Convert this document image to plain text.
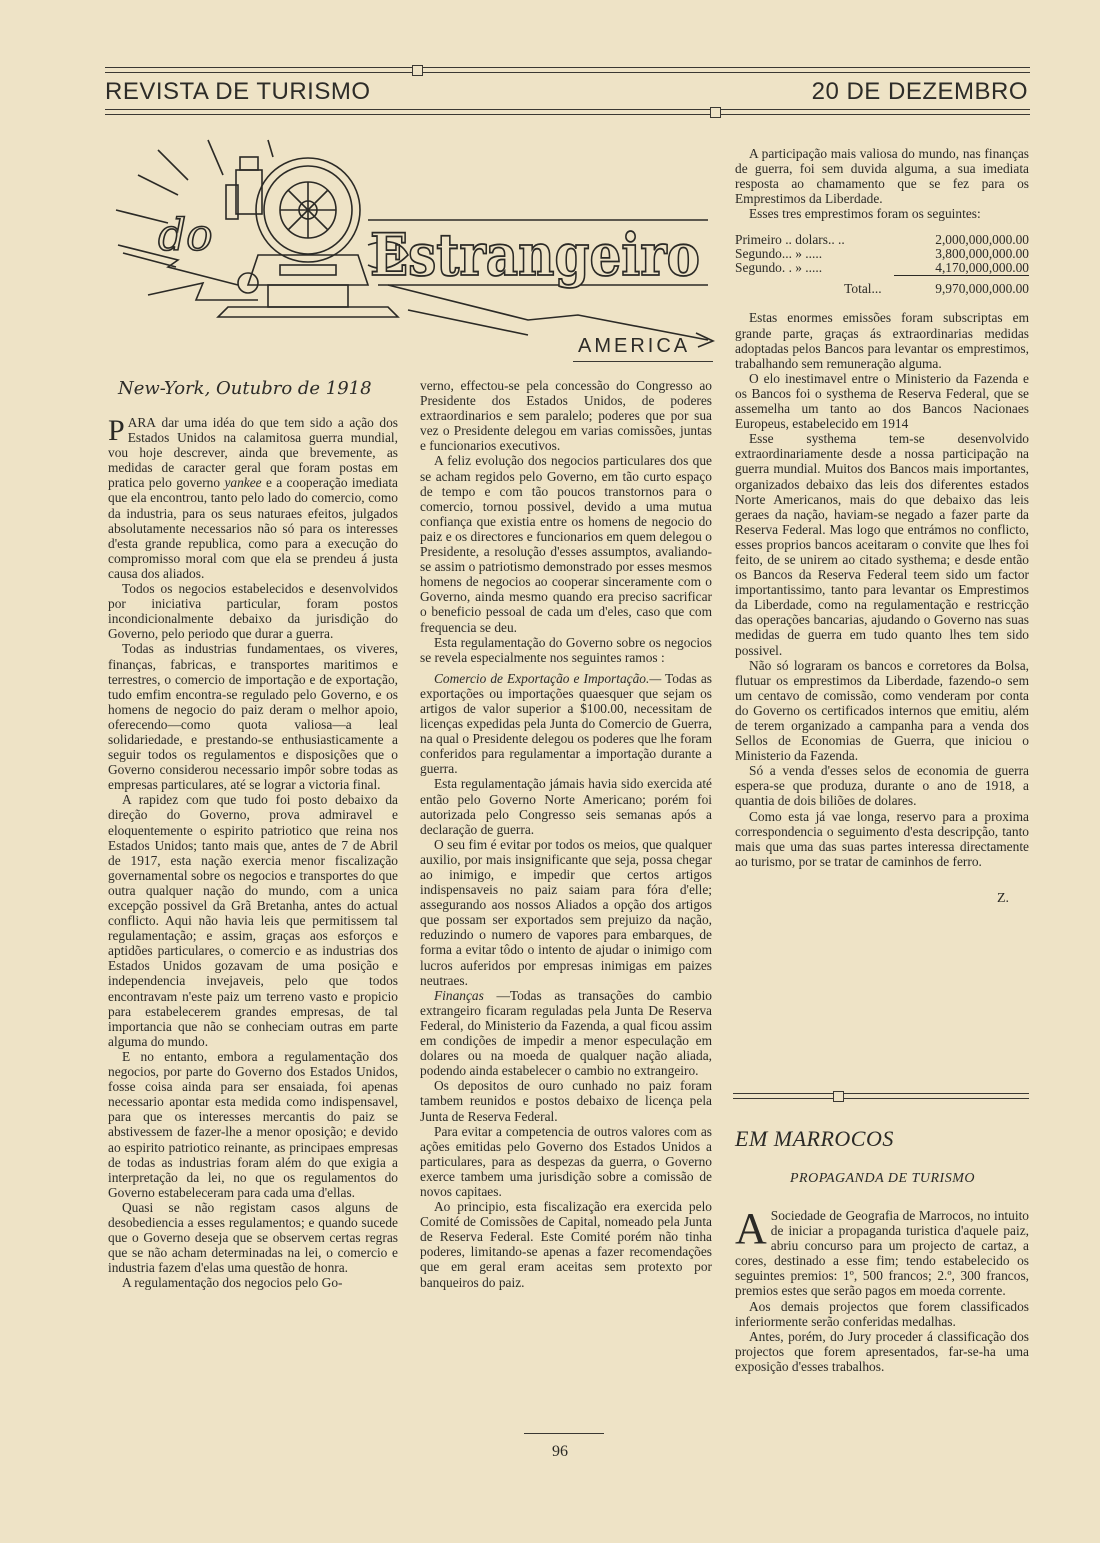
REVISTA DE TURISMO	20 DE DEZEMBRO
do	Estrangeiro
AMERICA
New-York, Outubro de 1918

PARA dar uma idéa do que tem sido a ação dos Estados Unidos na calamitosa guerra mundial, vou hoje descrever, ainda que brevemente, as medidas de caracter geral que foram postas em pratica pelo governo yankee e a cooperação imediata que ela encontrou, tanto pelo lado do comercio, como da industria, para os seus naturaes efeitos, julgados absolutamente necessarios não só para os interesses d'esta grande republica, como para a execução do compromisso moral com que ela se prendeu á justa causa dos aliados.

Todos os negocios estabelecidos e desenvolvidos por iniciativa particular, foram postos incondicionalmente debaixo da jurisdição do Governo, pelo periodo que durar a guerra.

Todas as industrias fundamentaes, os viveres, finanças, fabricas, e transportes maritimos e terrestres, o comercio de importação e de exportação, tudo emfim encontra-se regulado pelo Governo, e os homens de negocio do paiz deram o melhor apoio, oferecendo—como quota valiosa—a leal solidariedade, e prestando-se enthusiasticamente a seguir todos os regulamentos e disposições que o Governo considerou necessario impôr sobre todas as empresas particulares, até se lograr a victoria final.

A rapidez com que tudo foi posto debaixo da direção do Governo, prova admiravel e eloquentemente o espirito patriotico que reina nos Estados Unidos; tanto mais que, antes de 7 de Abril de 1917, esta nação exercia menor fiscalização governamental sobre os negocios e transportes do que outra qualquer nação do mundo, com a unica excepção possivel da Grã Bretanha, antes do actual conflicto. Aqui não havia leis que permitissem tal regulamentação; e assim, graças aos esforços e aptidões particulares, o comercio e as industrias dos Estados Unidos gozavam de uma posição e independencia invejaveis, pelo que todos encontravam n'este paiz um terreno vasto e propicio para estabelecerem grandes empresas, de tal importancia que não se conheciam outras em parte alguma do mundo.

E no entanto, embora a regulamentação dos negocios, por parte do Governo dos Estados Unidos, fosse coisa ainda para ser ensaiada, foi apenas necessario apontar esta medida como indispensavel, para que os interesses mercantis do paiz se abstivessem de fazer-lhe a menor oposição; e devido ao espirito patriotico reinante, as principaes empresas de todas as industrias foram além do que exigia a interpretação da lei, no que os regulamentos do Governo estabeleceram para cada uma d'ellas.

Quasi se não registam casos alguns de desobediencia a esses regulamentos; e quando sucede que o Governo deseja que se observem certas regras que se não acham determinadas na lei, o comercio e industria fazem d'elas uma questão de honra.

A regulamentação dos negocios pelo Go-

verno, effectou-se pela concessão do Congresso ao Presidente dos Estados Unidos, de poderes extraordinarios e sem paralelo; poderes que por sua vez o Presidente delegou em varias comissões, juntas e funcionarios executivos.

A feliz evolução dos negocios particulares dos que se acham regidos pelo Governo, em tão curto espaço de tempo e com tão poucos transtornos para o comercio, tornou possivel, devido a uma mutua confiança que existia entre os homens de negocio do paiz e os directores e funcionarios em quem delegou o Presidente, a resolução d'esses assumptos, avaliando-se assim o patriotismo demonstrado por esses mesmos homens de negocios ao cooperar sinceramente com o Governo, ainda mesmo quando era preciso sacrificar o beneficio pessoal de cada um d'eles, caso que com frequencia se deu.

Esta regulamentação do Governo sobre os negocios se revela especialmente nos seguintes ramos :

Comercio de Exportação e Importação.— Todas as exportações ou importações quaesquer que sejam os artigos de valor superior a $100.00, necessitam de licenças expedidas pela Junta do Comercio de Guerra, na qual o Presidente delegou os poderes que lhe foram conferidos para regulamentar a importação durante a guerra.

Esta regulamentação jámais havia sido exercida até então pelo Governo Norte Americano; porém foi autorizada pelo Congresso seis semanas após a declaração de guerra.

O seu fim é evitar por todos os meios, que qualquer auxilio, por mais insignificante que seja, possa chegar ao inimigo, e impedir que certos artigos indispensaveis no paiz saiam para fóra d'elle; assegurando aos nossos Aliados a opção dos artigos que possam ser exportados sem prejuizo da nação, reduzindo o numero de vapores para embarques, de forma a evitar tôdo o intento de ajudar o inimigo com lucros auferidos por empresas inimigas em paizes neutraes.

Finanças —Todas as transações do cambio extrangeiro ficaram reguladas pela Junta De Reserva Federal, do Ministerio da Fazenda, a qual ficou assim em condições de impedir a menor especulação em dolares ou na moeda de qualquer nação aliada, podendo ainda estabelecer o cambio no extrangeiro.

Os depositos de ouro cunhado no paiz foram tambem reunidos e postos debaixo de licença pela Junta de Reserva Federal.

Para evitar a competencia de outros valores com as ações emitidas pelo Governo dos Estados Unidos a particulares, para as despezas da guerra, o Governo exerce tambem uma jurisdição sobre a comissão de novos capitaes.

Ao principio, esta fiscalização era exercida pelo Comité de Comissões de Capital, nomeado pela Junta de Reserva Federal. Este Comité porém não tinha poderes, limitando-se apenas a fazer recomendações que em geral eram aceitas sem protexto por banqueiros do paiz.

A participação mais valiosa do mundo, nas finanças de guerra, foi sem duvida alguma, a sua imediata resposta ao chamamento que se fez para os Emprestimos da Liberdade.

Esses tres emprestimos foram os seguintes:

Primeiro .. dolars.. ..	2,000,000,000.00
Segundo... » .....	3,800,000,000.00
Segundo. . » .....	4,170,000,000.00
Total...	9,970,000,000.00

Estas enormes emissões foram subscriptas em grande parte, graças ás extraordinarias medidas adoptadas pelos Bancos para levantar os emprestimos, trabalhando sem remuneração alguma.

O elo inestimavel entre o Ministerio da Fazenda e os Bancos foi o systhema de Reserva Federal, que se assemelha um tanto ao dos Bancos Nacionaes Europeus, estabelecido em 1914

Esse systhema tem-se desenvolvido extraordinariamente desde a nossa participação na guerra mundial. Muitos dos Bancos mais importantes, organizados debaixo das leis dos diferentes estados Norte Americanos, mais do que debaixo das leis geraes da nação, haviam-se negado a fazer parte da Reserva Federal. Mas logo que entrámos no conflicto, esses proprios bancos aceitaram o convite que lhes foi feito, de se unirem ao citado systhema; e desde então os Bancos da Reserva Federal teem sido um factor importantissimo, tanto para levantar os Emprestimos da Liberdade, como na regulamentação e restricção das operações bancarias, ajudando o Governo nas suas medidas de guerra em tudo quanto lhes tem sido possivel.

Não só lograram os bancos e corretores da Bolsa, flutuar os emprestimos da Liberdade, fazendo-o sem um centavo de comissão, como venderam por conta do Governo os certificados internos que emitiu, além de terem organizado a campanha para a venda dos Sellos de Economias de Guerra, que iniciou o Ministerio da Fazenda.

Só a venda d'esses selos de economia de guerra espera-se que produza, durante o ano de 1918, a quantia de dois biliões de dolares.

Como esta já vae longa, reservo para a proxima correspondencia o seguimento d'esta descripção, tanto mais que uma das suas partes interessa directamente ao turismo, por se tratar de caminhos de ferro.

Z.
EM MARROCOS
PROPAGANDA DE TURISMO

A Sociedade de Geografia de Marrocos, no intuito de iniciar a propaganda turistica d'aquele paiz, abriu concurso para um projecto de cartaz, a cores, destinado a esse fim; tendo estabelecido os seguintes premios: 1º, 500 francos; 2.º, 300 francos, premios estes que serão pagos em moeda corrente.

Aos demais projectos que forem classificados inferiormente serão conferidas medalhas.

Antes, porém, do Jury proceder á classificação dos projectos que forem apresentados, far-se-ha uma exposição d'esses trabalhos.

96
